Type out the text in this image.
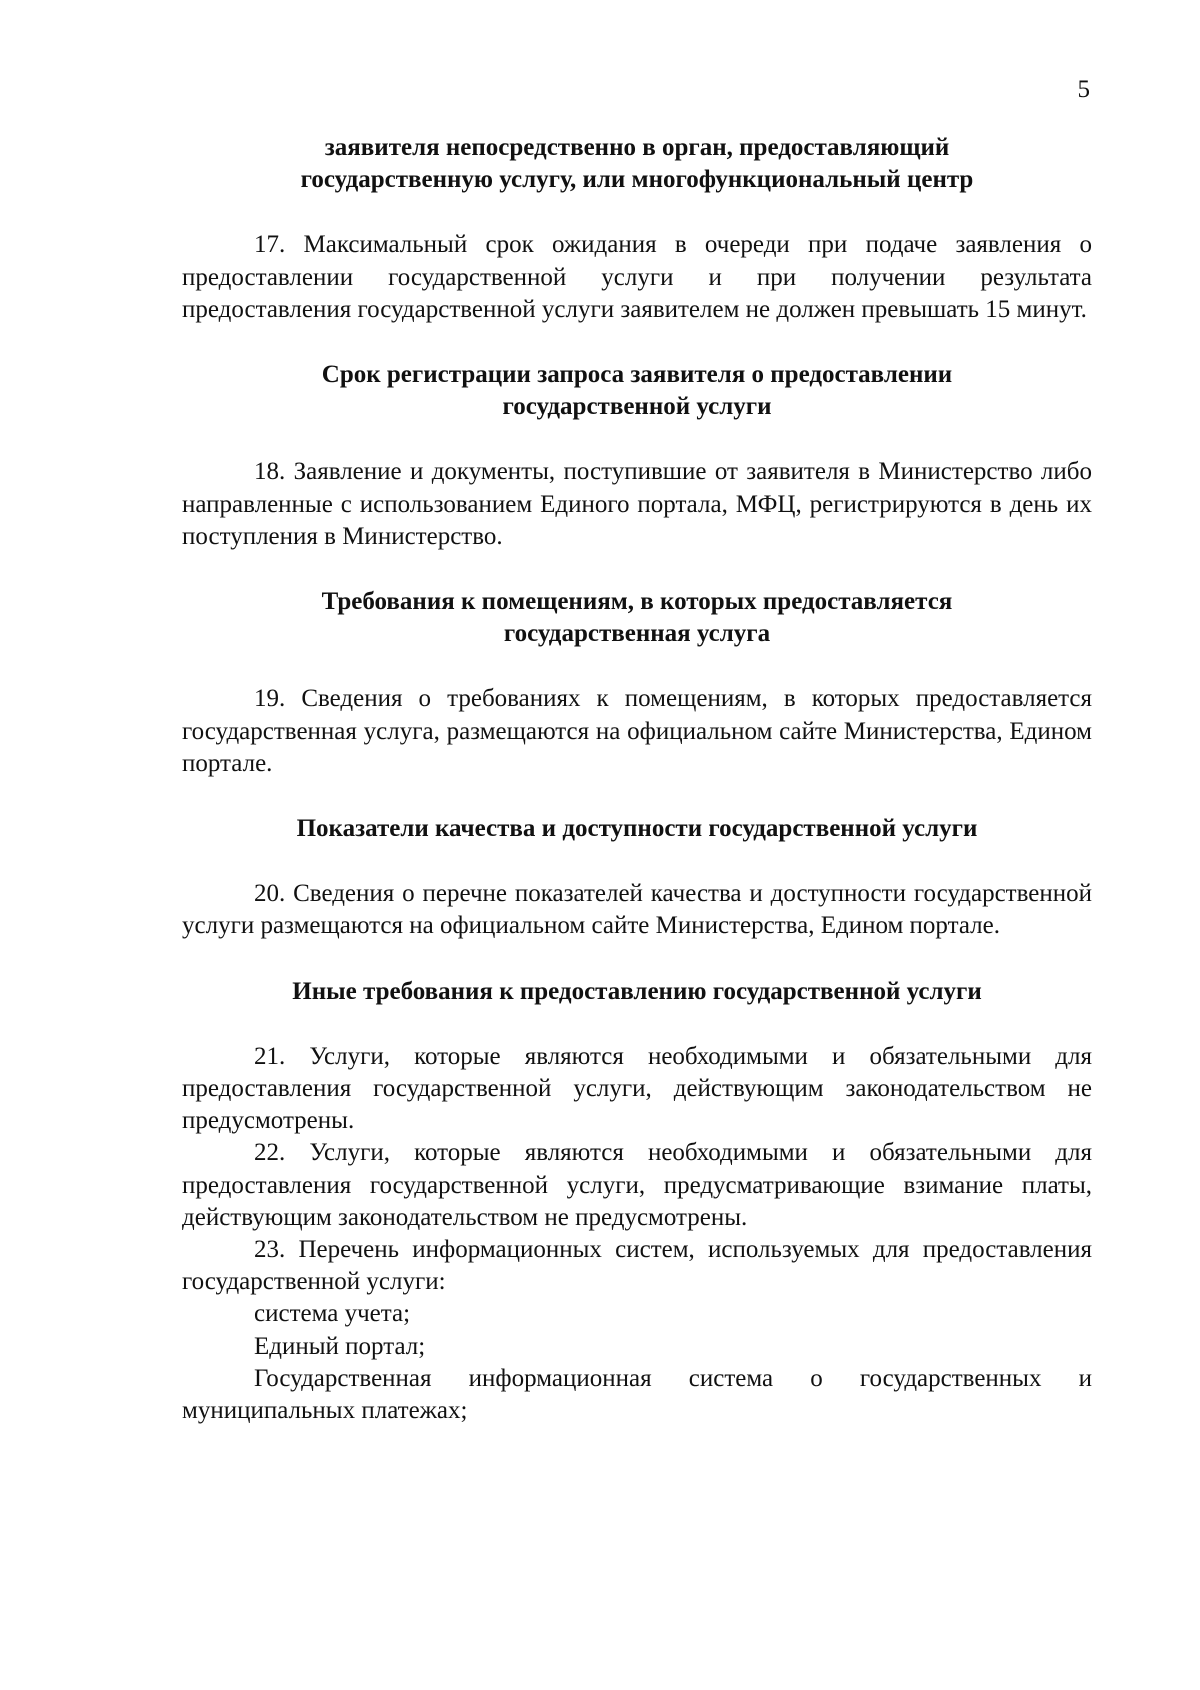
5
заявителя непосредственно в орган, предоставляющий
государственную услугу, или многофункциональный центр

17. Максимальный срок ожидания в очереди при подаче заявления о предоставлении государственной услуги и при получении результата предоставления государственной услуги заявителем не должен превышать 15 минут.

Срок регистрации запроса заявителя о предоставлении
государственной услуги

18. Заявление и документы, поступившие от заявителя в Министерство либо направленные с использованием Единого портала, МФЦ, регистрируются в день их поступления в Министерство.

Требования к помещениям, в которых предоставляется
государственная услуга

19. Сведения о требованиях к помещениям, в которых предоставляется государственная услуга, размещаются на официальном сайте Министерства, Едином портале.

Показатели качества и доступности государственной услуги

20. Сведения о перечне показателей качества и доступности государственной услуги размещаются на официальном сайте Министерства, Едином портале.

Иные требования к предоставлению государственной услуги

21. Услуги, которые являются необходимыми и обязательными для предоставления государственной услуги, действующим законодательством не предусмотрены.

22. Услуги, которые являются необходимыми и обязательными для предоставления государственной услуги, предусматривающие взимание платы, действующим законодательством не предусмотрены.

23. Перечень информационных систем, используемых для предоставления государственной услуги:

система учета;

Единый портал;

Государственная информационная система о государственных и муниципальных платежах;
